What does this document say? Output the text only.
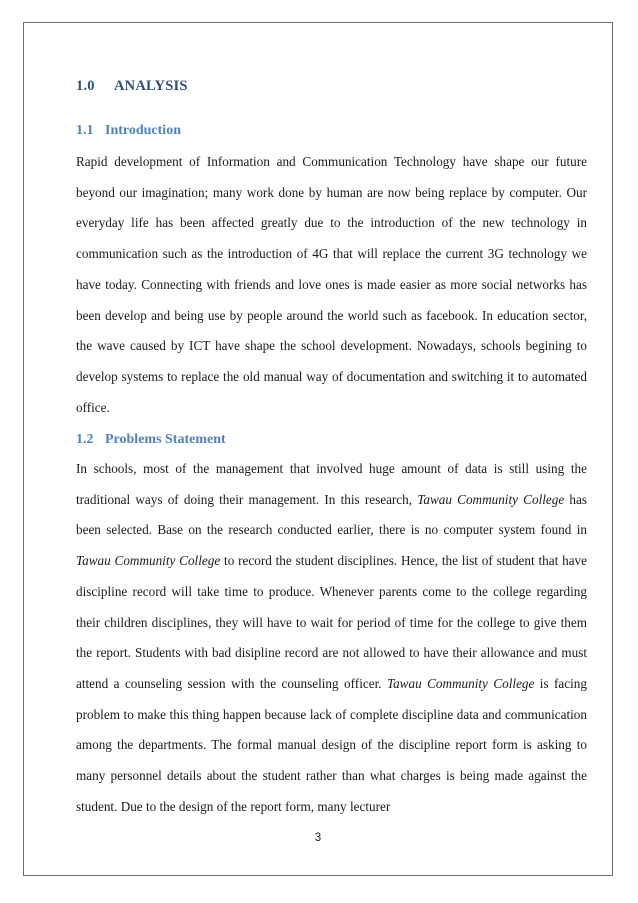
1.0 ANALYSIS
1.1 Introduction

Rapid development of Information and Communication Technology have shape our future beyond our imagination; many work done by human are now being replace by computer. Our everyday life has been affected greatly due to the introduction of the new technology in communication such as the introduction of 4G that will replace the current 3G technology we have today. Connecting with friends and love ones is made easier as more social networks has been develop and being use by people around the world such as facebook. In education sector, the wave caused by ICT have shape the school development. Nowadays, schools begining to develop systems to replace the old manual way of documentation and switching it to automated office.

1.2 Problems Statement

In schools, most of the management that involved huge amount of data is still using the traditional ways of doing their management. In this research, Tawau Community College has been selected. Base on the research conducted earlier, there is no computer system found in Tawau Community College to record the student disciplines. Hence, the list of student that have discipline record will take time to produce. Whenever parents come to the college regarding their children disciplines, they will have to wait for period of time for the college to give them the report. Students with bad disipline record are not allowed to have their allowance and must attend a counseling session with the counseling officer. Tawau Community College is facing problem to make this thing happen because lack of complete discipline data and communication among the departments. The formal manual design of the discipline report form is asking to many personnel details about the student rather than what charges is being made against the student. Due to the design of the report form, many lecturer

3
